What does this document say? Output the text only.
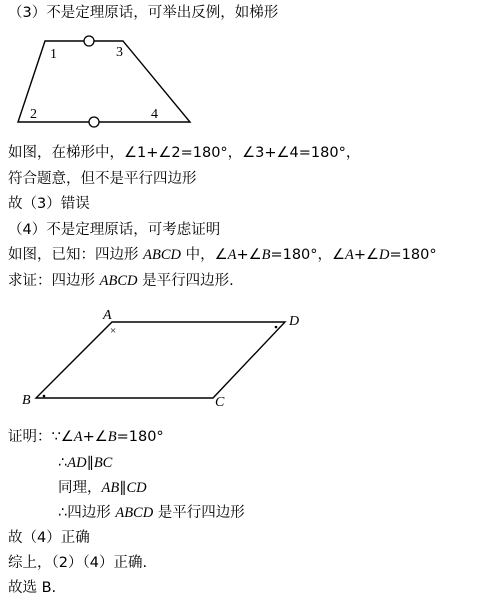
（3）不是定理原话，可举出反例，如梯形
1
2
3
4
如图，在梯形中，∠1+∠2=180°，∠3+∠4=180°，
符合题意，但不是平行四边形
故（3）错误
（4）不是定理原话，可考虑证明
如图，已知：四边形 ABCD 中，∠A+∠B=180°，∠A+∠D=180°
求证：四边形 ABCD 是平行四边形.
A
B	C
D
×
证明：∵∠A+∠B=180°
∴AD∥BC
同理，AB∥CD
∴四边形 ABCD 是平行四边形
故（4）正确
综上，（2）（4）正确.
故选 B.
